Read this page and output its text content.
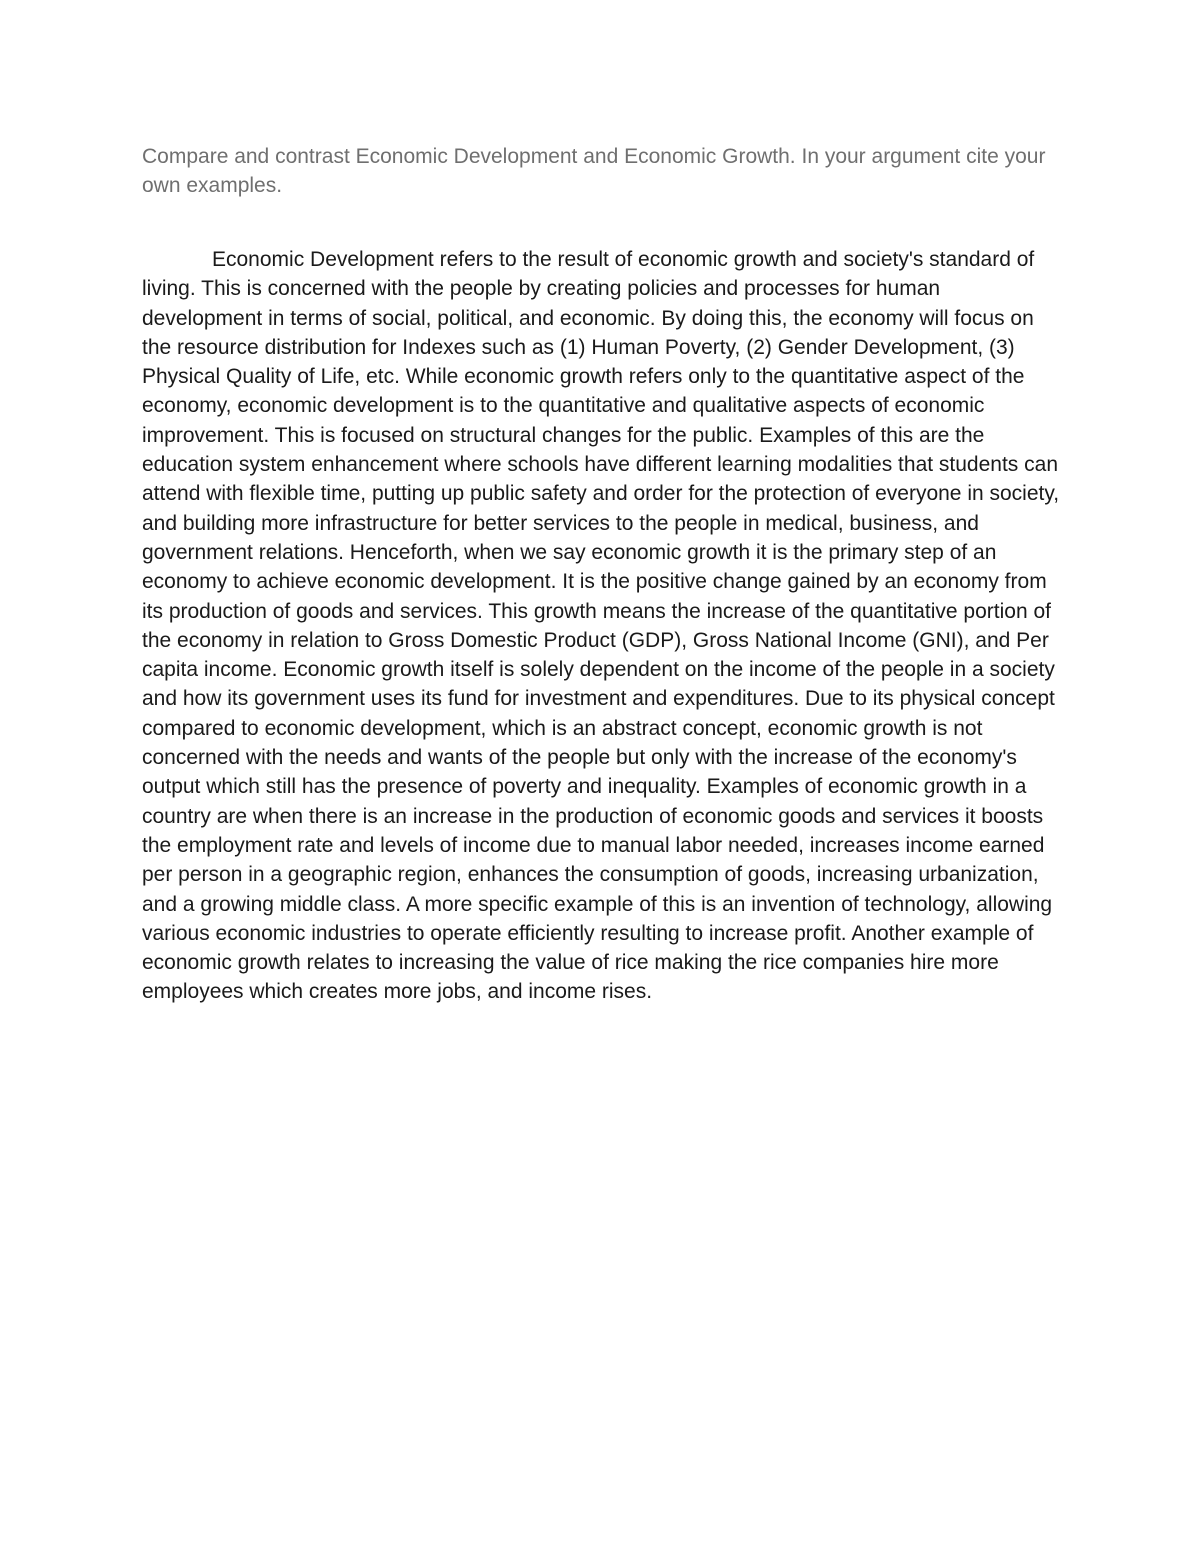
Compare and contrast Economic Development and Economic Growth. In your argument cite your own examples.

Economic Development refers to the result of economic growth and society's standard of living. This is concerned with the people by creating policies and processes for human development in terms of social, political, and economic. By doing this, the economy will focus on the resource distribution for Indexes such as (1) Human Poverty, (2) Gender Development, (3) Physical Quality of Life, etc. While economic growth refers only to the quantitative aspect of the economy, economic development is to the quantitative and qualitative aspects of economic improvement. This is focused on structural changes for the public. Examples of this are the education system enhancement where schools have different learning modalities that students can attend with flexible time, putting up public safety and order for the protection of everyone in society, and building more infrastructure for better services to the people in medical, business, and government relations. Henceforth, when we say economic growth it is the primary step of an economy to achieve economic development. It is the positive change gained by an economy from its production of goods and services. This growth means the increase of the quantitative portion of the economy in relation to Gross Domestic Product (GDP), Gross National Income (GNI), and Per capita income. Economic growth itself is solely dependent on the income of the people in a society and how its government uses its fund for investment and expenditures. Due to its physical concept compared to economic development, which is an abstract concept, economic growth is not concerned with the needs and wants of the people but only with the increase of the economy's output which still has the presence of poverty and inequality. Examples of economic growth in a country are when there is an increase in the production of economic goods and services it boosts the employment rate and levels of income due to manual labor needed, increases income earned per person in a geographic region, enhances the consumption of goods, increasing urbanization, and a growing middle class. A more specific example of this is an invention of technology, allowing various economic industries to operate efficiently resulting to increase profit. Another example of economic growth relates to increasing the value of rice making the rice companies hire more employees which creates more jobs, and income rises.
